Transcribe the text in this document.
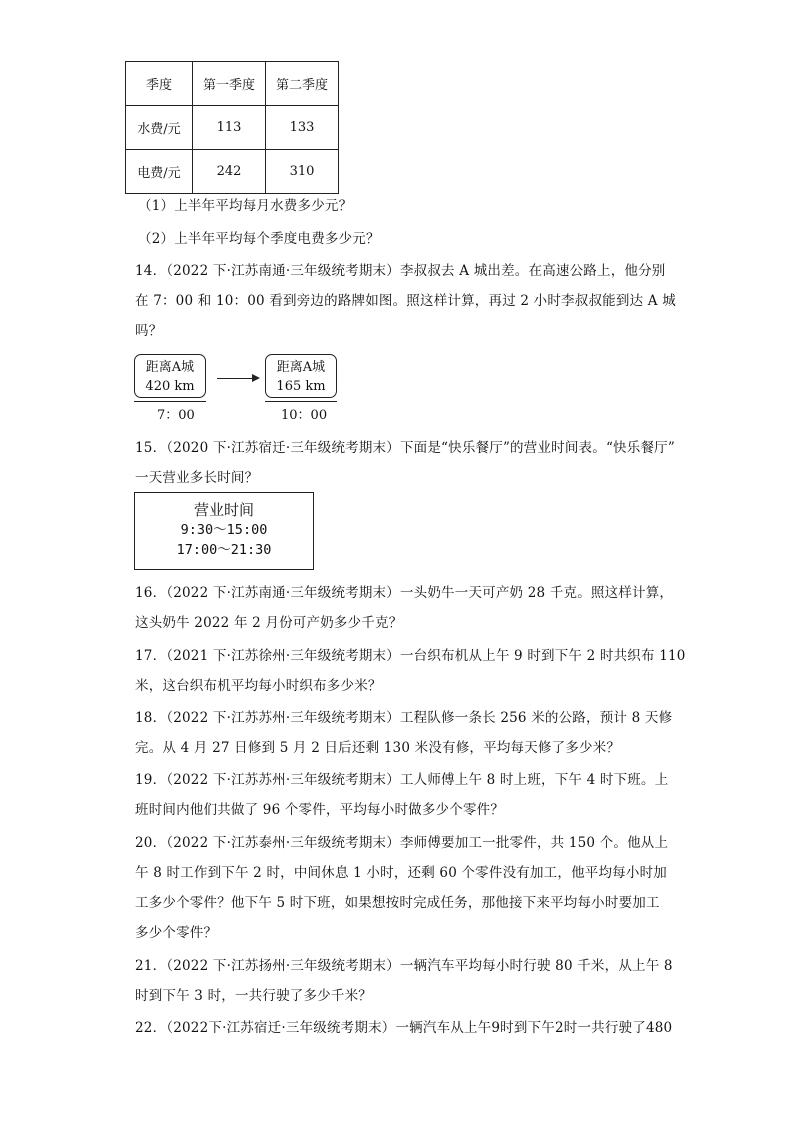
季度	第一季度	第二季度
水费/元	113	133
电费/元	242	310
（1）上半年平均每月水费多少元？
（2）上半年平均每个季度电费多少元？
14．（2022 下·江苏南通·三年级统考期末）李叔叔去 A 城出差。在高速公路上，他分别
在 7：00 和 10：00 看到旁边的路牌如图。照这样计算，再过 2 小时李叔叔能到达 A 城
吗？
距离A城
420 km
7：00
距离A城
165 km
10：00
15．（2020 下·江苏宿迁·三年级统考期末）下面是“快乐餐厅”的营业时间表。“快乐餐厅”
一天营业多长时间？
营业时间
9:30～15:00
17:00～21:30
16．（2022 下·江苏南通·三年级统考期末）一头奶牛一天可产奶 28 千克。照这样计算，
这头奶牛 2022 年 2 月份可产奶多少千克？
17．（2021 下·江苏徐州·三年级统考期末）一台织布机从上午 9 时到下午 2 时共织布 110
米，这台织布机平均每小时织布多少米？
18．（2022 下·江苏苏州·三年级统考期末）工程队修一条长 256 米的公路，预计 8 天修
完。从 4 月 27 日修到 5 月 2 日后还剩 130 米没有修，平均每天修了多少米？
19．（2022 下·江苏苏州·三年级统考期末）工人师傅上午 8 时上班，下午 4 时下班。上
班时间内他们共做了 96 个零件，平均每小时做多少个零件？
20．（2022 下·江苏泰州·三年级统考期末）李师傅要加工一批零件，共 150 个。他从上
午 8 时工作到下午 2 时，中间休息 1 小时，还剩 60 个零件没有加工，他平均每小时加
工多少个零件？他下午 5 时下班，如果想按时完成任务，那他接下来平均每小时要加工
多少个零件？
21．（2022 下·江苏扬州·三年级统考期末）一辆汽车平均每小时行驶 80 千米，从上午 8
时到下午 3 时，一共行驶了多少千米？
22．（2022下·江苏宿迁·三年级统考期末）一辆汽车从上午9时到下午2时一共行驶了480
